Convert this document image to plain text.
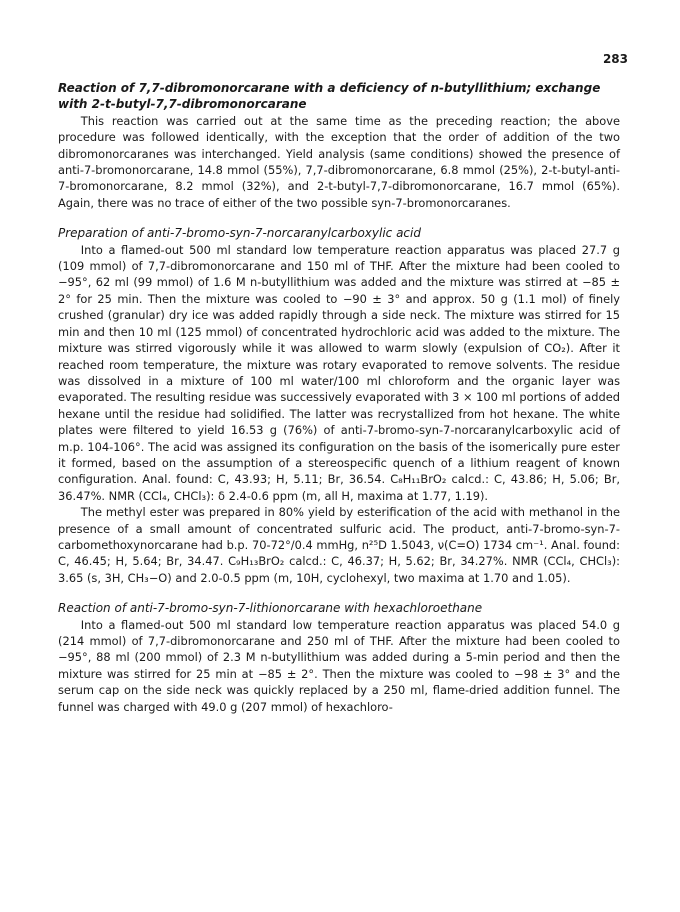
283
Reaction of 7,7-dibromonorcarane with a deficiency of n-butyllithium; exchange with 2-t-butyl-7,7-dibromonorcarane

This reaction was carried out at the same time as the preceding reaction; the above procedure was followed identically, with the exception that the order of addition of the two dibromonorcaranes was interchanged. Yield analysis (same conditions) showed the presence of anti-7-bromonorcarane, 14.8 mmol (55%), 7,7-dibromonorcarane, 6.8 mmol (25%), 2-t-butyl-anti-7-bromonorcarane, 8.2 mmol (32%), and 2-t-butyl-7,7-dibromonorcarane, 16.7 mmol (65%). Again, there was no trace of either of the two possible syn-7-bromonorcaranes.

Preparation of anti-7-bromo-syn-7-norcaranylcarboxylic acid

Into a flamed-out 500 ml standard low temperature reaction apparatus was placed 27.7 g (109 mmol) of 7,7-dibromonorcarane and 150 ml of THF. After the mixture had been cooled to −95°, 62 ml (99 mmol) of 1.6 M n-butyllithium was added and the mixture was stirred at −85 ± 2° for 25 min. Then the mixture was cooled to −90 ± 3° and approx. 50 g (1.1 mol) of finely crushed (granular) dry ice was added rapidly through a side neck. The mixture was stirred for 15 min and then 10 ml (125 mmol) of concentrated hydrochloric acid was added to the mixture. The mixture was stirred vigorously while it was allowed to warm slowly (expulsion of CO₂). After it reached room temperature, the mixture was rotary evaporated to remove solvents. The residue was dissolved in a mixture of 100 ml water/100 ml chloroform and the organic layer was evaporated. The resulting residue was successively evaporated with 3 × 100 ml portions of added hexane until the residue had solidified. The latter was recrystallized from hot hexane. The white plates were filtered to yield 16.53 g (76%) of anti-7-bromo-syn-7-norcaranylcarboxylic acid of m.p. 104-106°. The acid was assigned its configuration on the basis of the isomerically pure ester it formed, based on the assumption of a stereospecific quench of a lithium reagent of known configuration. Anal. found: C, 43.93; H, 5.11; Br, 36.54. C₈H₁₁BrO₂ calcd.: C, 43.86; H, 5.06; Br, 36.47%. NMR (CCl₄, CHCl₃): δ 2.4-0.6 ppm (m, all H, maxima at 1.77, 1.19).

The methyl ester was prepared in 80% yield by esterification of the acid with methanol in the presence of a small amount of concentrated sulfuric acid. The product, anti-7-bromo-syn-7-carbomethoxynorcarane had b.p. 70-72°/0.4 mmHg, n²⁵D 1.5043, ν(C=O) 1734 cm⁻¹. Anal. found: C, 46.45; H, 5.64; Br, 34.47. C₉H₁₃BrO₂ calcd.: C, 46.37; H, 5.62; Br, 34.27%. NMR (CCl₄, CHCl₃): 3.65 (s, 3H, CH₃−O) and 2.0-0.5 ppm (m, 10H, cyclohexyl, two maxima at 1.70 and 1.05).

Reaction of anti-7-bromo-syn-7-lithionorcarane with hexachloroethane

Into a flamed-out 500 ml standard low temperature reaction apparatus was placed 54.0 g (214 mmol) of 7,7-dibromonorcarane and 250 ml of THF. After the mixture had been cooled to −95°, 88 ml (200 mmol) of 2.3 M n-butyllithium was added during a 5-min period and then the mixture was stirred for 25 min at −85 ± 2°. Then the mixture was cooled to −98 ± 3° and the serum cap on the side neck was quickly replaced by a 250 ml, flame-dried addition funnel. The funnel was charged with 49.0 g (207 mmol) of hexachloro-
